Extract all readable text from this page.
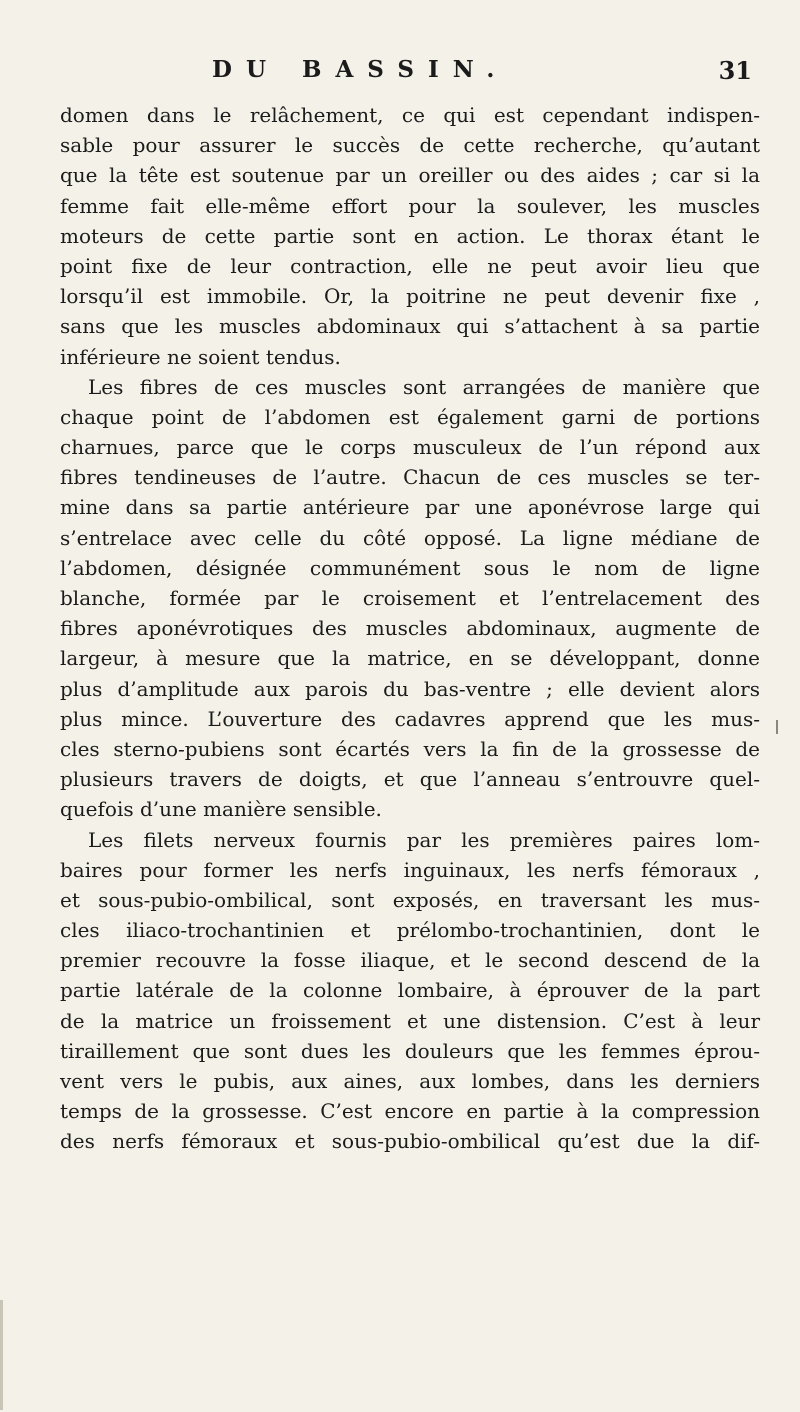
DU BASSIN.	31
domen dans le relâchement, ce qui est cependant indispen-
sable pour assurer le succès de cette recherche, qu’autant
que la tête est soutenue par un oreiller ou des aides ; car si la
femme fait elle-même effort pour la soulever, les muscles
moteurs de cette partie sont en action. Le thorax étant le
point fixe de leur contraction, elle ne peut avoir lieu que
lorsqu’il est immobile. Or, la poitrine ne peut devenir fixe ,
sans que les muscles abdominaux qui s’attachent à sa partie
inférieure ne soient tendus.
Les fibres de ces muscles sont arrangées de manière que
chaque point de l’abdomen est également garni de portions
charnues, parce que le corps musculeux de l’un répond aux
fibres tendineuses de l’autre. Chacun de ces muscles se ter-
mine dans sa partie antérieure par une aponévrose large qui
s’entrelace avec celle du côté opposé. La ligne médiane de
l’abdomen, désignée communément sous le nom de ligne
blanche, formée par le croisement et l’entrelacement des
fibres aponévrotiques des muscles abdominaux, augmente de
largeur, à mesure que la matrice, en se développant, donne
plus d’amplitude aux parois du bas-ventre ; elle devient alors
plus mince. L’ouverture des cadavres apprend que les mus-
cles sterno-pubiens sont écartés vers la fin de la grossesse de
plusieurs travers de doigts, et que l’anneau s’entrouvre quel-
quefois d’une manière sensible.
Les filets nerveux fournis par les premières paires lom-
baires pour former les nerfs inguinaux, les nerfs fémoraux ,
et sous-pubio-ombilical, sont exposés, en traversant les mus-
cles iliaco-trochantinien et prélombo-trochantinien, dont le
premier recouvre la fosse iliaque, et le second descend de la
partie latérale de la colonne lombaire, à éprouver de la part
de la matrice un froissement et une distension. C’est à leur
tiraillement que sont dues les douleurs que les femmes éprou-
vent vers le pubis, aux aines, aux lombes, dans les derniers
temps de la grossesse. C’est encore en partie à la compression
des nerfs fémoraux et sous-pubio-ombilical qu’est due la dif-
